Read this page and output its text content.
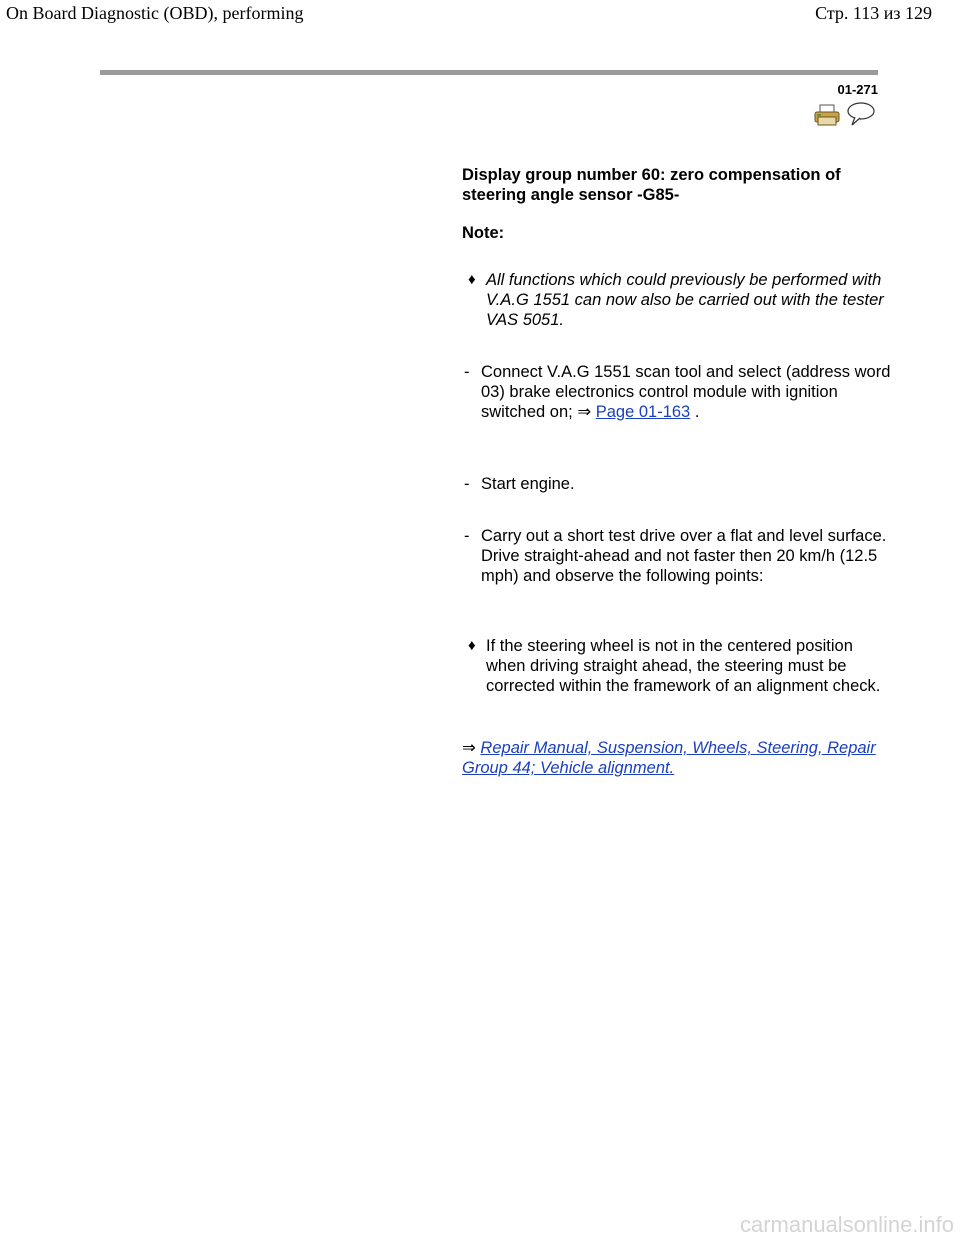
On Board Diagnostic (OBD), performing	Стр. 113 из 129
01-271
Display group number 60: zero compensation of steering angle sensor -G85-
Note:
♦ All functions which could previously be performed with V.A.G 1551 can now also be carried out with the tester VAS 5051.
- Connect V.A.G 1551 scan tool and select (address word 03) brake electronics control module with ignition switched on; ⇒ Page 01-163 .
- Start engine.
- Carry out a short test drive over a flat and level surface. Drive straight-ahead and not faster then 20 km/h (12.5 mph) and observe the following points:
♦ If the steering wheel is not in the centered position when driving straight ahead, the steering must be corrected within the framework of an alignment check.
⇒ Repair Manual, Suspension, Wheels, Steering, Repair Group 44; Vehicle alignment.
carmanualsonline.info
